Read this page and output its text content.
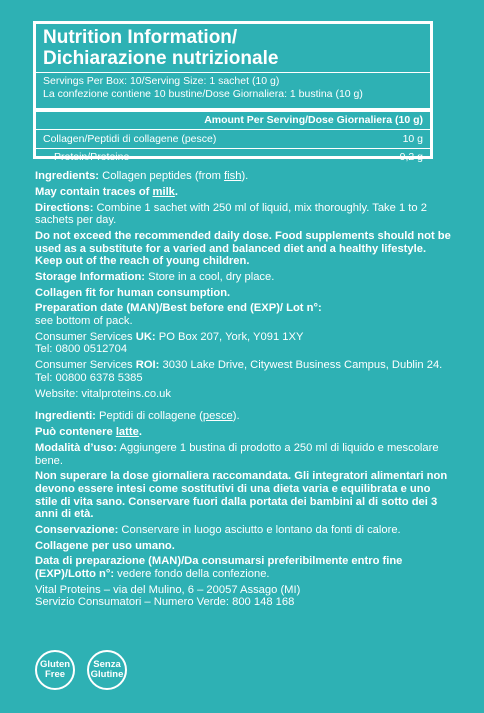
Nutrition Information/
Dichiarazione nutrizionale
Servings Per Box: 10/Serving Size: 1 sachet (10 g)
La confezione contiene 10 bustine/Dose Giornaliera: 1 bustina (10 g)
Amount Per Serving/Dose Giornaliera (10 g)
Collagen/Peptidi di collagene (pesce)	10 g
Protein/Proteine	9,2 g

Ingredients: Collagen peptides (from fish).

May contain traces of milk.

Directions: Combine 1 sachet with 250 ml of liquid, mix thoroughly. Take 1 to 2 sachets per day.

Do not exceed the recommended daily dose. Food supplements should not be used as a substitute for a varied and balanced diet and a healthy lifestyle. Keep out of the reach of young children.

Storage Information: Store in a cool, dry place.

Collagen fit for human consumption.

Preparation date (MAN)/Best before end (EXP)/ Lot n°:
see bottom of pack.

Consumer Services UK: PO Box 207, York, Y091 1XY
Tel: 0800 0512704

Consumer Services ROI: 3030 Lake Drive, Citywest Business Campus, Dublin 24. Tel: 00800 6378 5385

Website: vitalproteins.co.uk

Ingredienti: Peptidi di collagene (pesce).

Può contenere latte.

Modalità d’uso: Aggiungere 1 bustina di prodotto a 250 ml di liquido e mescolare bene.

Non superare la dose giornaliera raccomandata. Gli integratori alimentari non devono essere intesi come sostitutivi di una dieta varia e equilibrata e uno stile di vita sano. Conservare fuori dalla portata dei bambini al di sotto dei 3 anni di età.

Conservazione: Conservare in luogo asciutto e lontano da fonti di calore.

Collagene per uso umano.

Data di preparazione (MAN)/Da consumarsi preferibilmente entro fine (EXP)/Lotto n°: vedere fondo della confezione.

Vital Proteins – via del Mulino, 6 – 20057 Assago (MI)
Servizio Consumatori – Numero Verde: 800 148 168

Gluten
Free
Senza
Glutine
